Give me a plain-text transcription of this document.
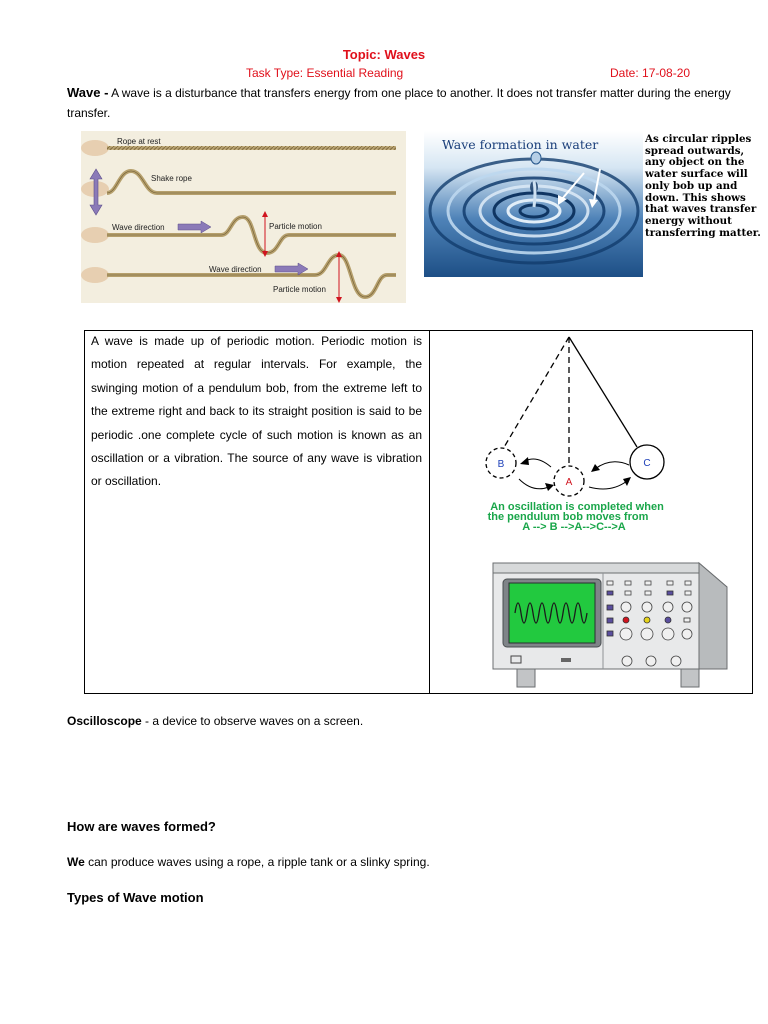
Topic: Waves
Task Type: Essential Reading	Date: 17-08-20
Wave - A wave is a disturbance that transfers energy from one place to another. It does not transfer matter during the energy transfer.
Rope at rest
Shake rope
Wave direction	Particle motion
Wave direction
Particle motion
Wave formation in water	As circular ripples spread outwards, any object on the water surface will only bob up and down. This shows that waves transfer energy without transferring matter.
A wave is made up of periodic motion. Periodic motion is motion repeated at regular intervals. For example, the swinging motion of a pendulum bob, from the extreme left to the extreme right and back to its straight position is said to be periodic .one complete cycle of such motion is known as an oscillation or a vibration. The source of any wave is vibration or oscillation.
B
A
C
An oscillation is completed when
the pendulum bob moves from
A --> B -->A-->C-->A
Oscilloscope - a device to observe waves on a screen.
How are waves formed?
We can produce waves using a rope, a ripple tank or a slinky spring.
Types of Wave motion
